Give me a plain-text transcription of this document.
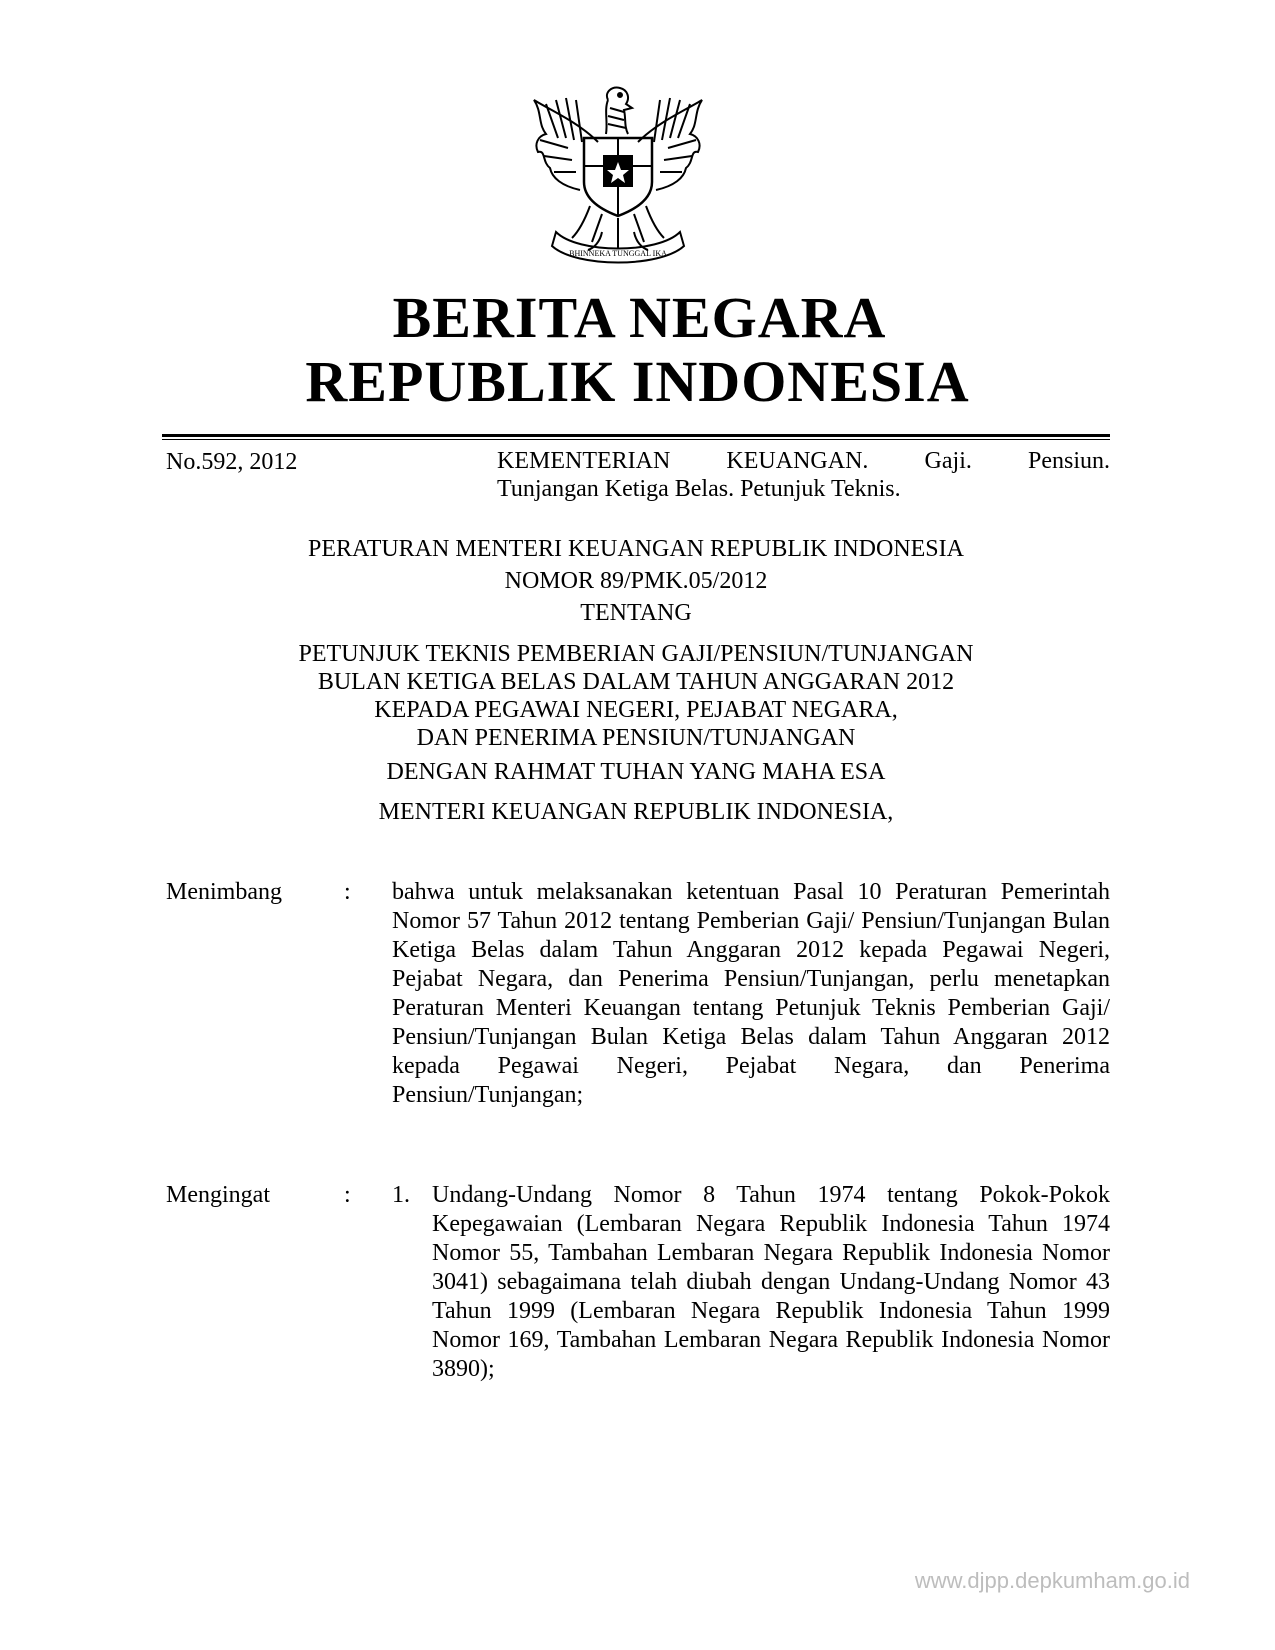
BHINNEKA TUNGGAL IKA
BERITA NEGARA
REPUBLIK INDONESIA
No.592, 2012	KEMENTERIAN KEUANGAN. Gaji. Pensiun.
Tunjangan Ketiga Belas. Petunjuk Teknis.
PERATURAN MENTERI KEUANGAN REPUBLIK INDONESIA
NOMOR 89/PMK.05/2012
TENTANG
PETUNJUK TEKNIS PEMBERIAN GAJI/PENSIUN/TUNJANGAN
BULAN KETIGA BELAS DALAM TAHUN ANGGARAN 2012
KEPADA PEGAWAI NEGERI, PEJABAT NEGARA,
DAN PENERIMA PENSIUN/TUNJANGAN
DENGAN RAHMAT TUHAN YANG MAHA ESA
MENTERI KEUANGAN REPUBLIK INDONESIA,
Menimbang	: bahwa untuk melaksanakan ketentuan Pasal 10 Peraturan Pemerintah Nomor 57 Tahun 2012 tentang Pemberian Gaji/ Pensiun/Tunjangan Bulan Ketiga Belas dalam Tahun Anggaran 2012 kepada Pegawai Negeri, Pejabat Negara, dan Penerima Pensiun/Tunjangan, perlu menetapkan Peraturan Menteri Keuangan tentang Petunjuk Teknis Pemberian Gaji/ Pensiun/Tunjangan Bulan Ketiga Belas dalam Tahun Anggaran 2012 kepada Pegawai Negeri, Pejabat Negara, dan Penerima Pensiun/Tunjangan;
Mengingat	: 1. Undang-Undang Nomor 8 Tahun 1974 tentang Pokok-Pokok Kepegawaian (Lembaran Negara Republik Indonesia Tahun 1974 Nomor 55, Tambahan Lembaran Negara Republik Indonesia Nomor 3041) sebagaimana telah diubah dengan Undang-Undang Nomor 43 Tahun 1999 (Lembaran Negara Republik Indonesia Tahun 1999 Nomor 169, Tambahan Lembaran Negara Republik Indonesia Nomor 3890);
www.djpp.depkumham.go.id
